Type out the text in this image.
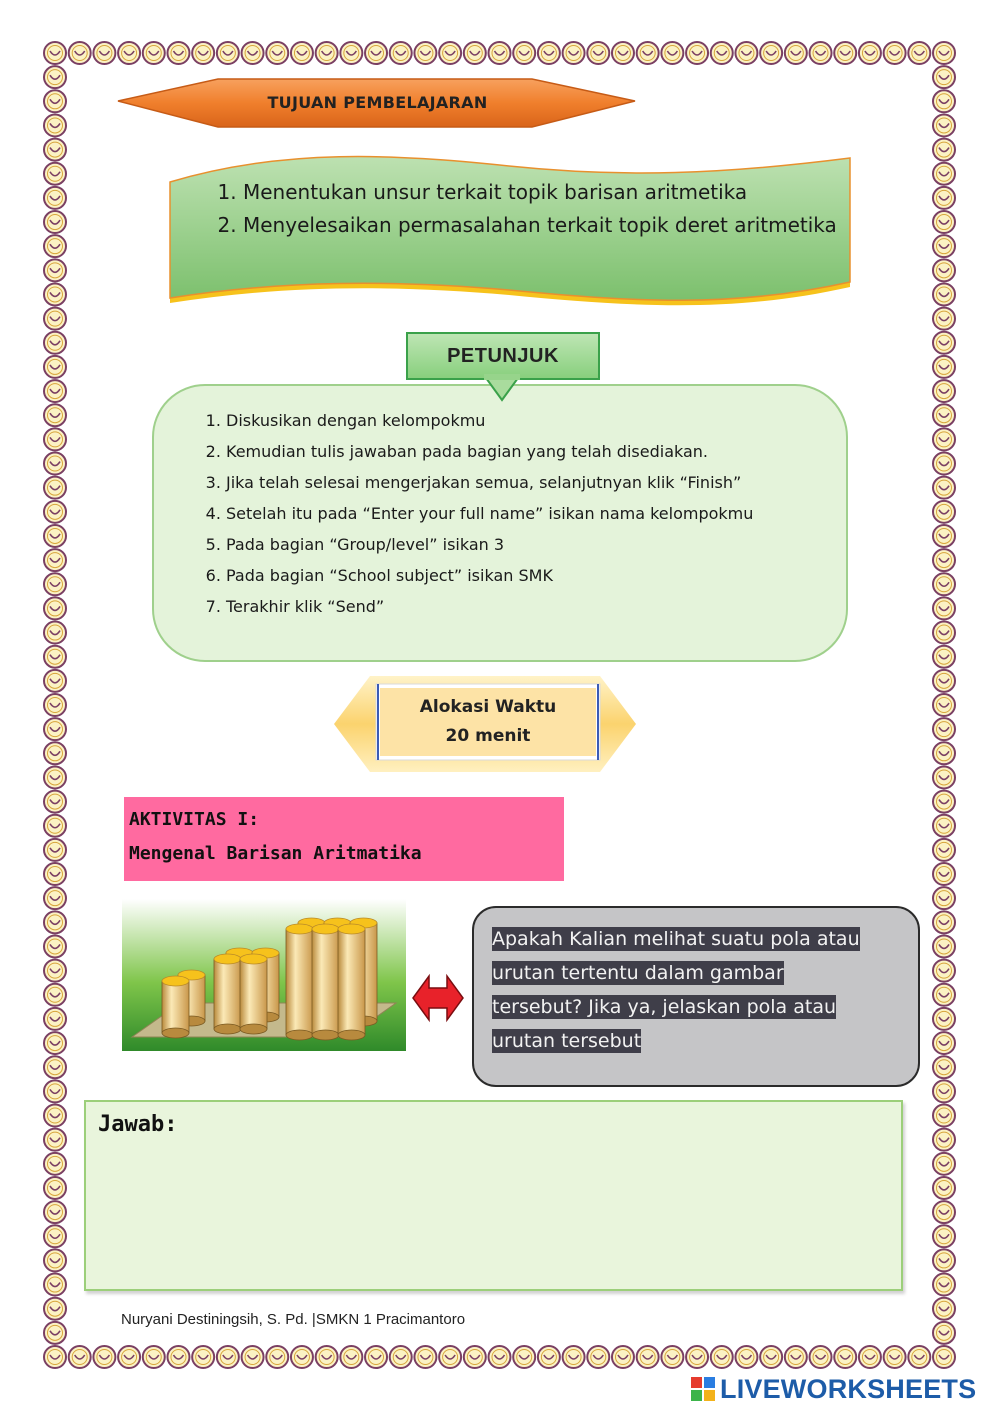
TUJUAN PEMBELAJARAN
1. Menentukan unsur terkait topik barisan aritmetika
2. Menyelesaikan permasalahan terkait topik deret aritmetika
PETUNJUK
1. Diskusikan dengan kelompokmu
2. Kemudian tulis jawaban pada bagian yang telah disediakan.
3. Jika telah selesai mengerjakan semua, selanjutnyan klik “Finish”
4. Setelah itu pada “Enter your full name” isikan nama kelompokmu
5. Pada bagian “Group/level” isikan 3
6. Pada bagian “School subject” isikan SMK
7. Terakhir klik “Send”
Alokasi Waktu
20 menit
AKTIVITAS I:
Mengenal Barisan Aritmatika
Apakah Kalian melihat suatu pola atau
urutan tertentu dalam gambar
tersebut? Jika ya, jelaskan pola atau
urutan tersebut
Jawab:
Nuryani Destiningsih, S. Pd. |SMKN 1 Pracimantoro
LIVEWORKSHEETS
